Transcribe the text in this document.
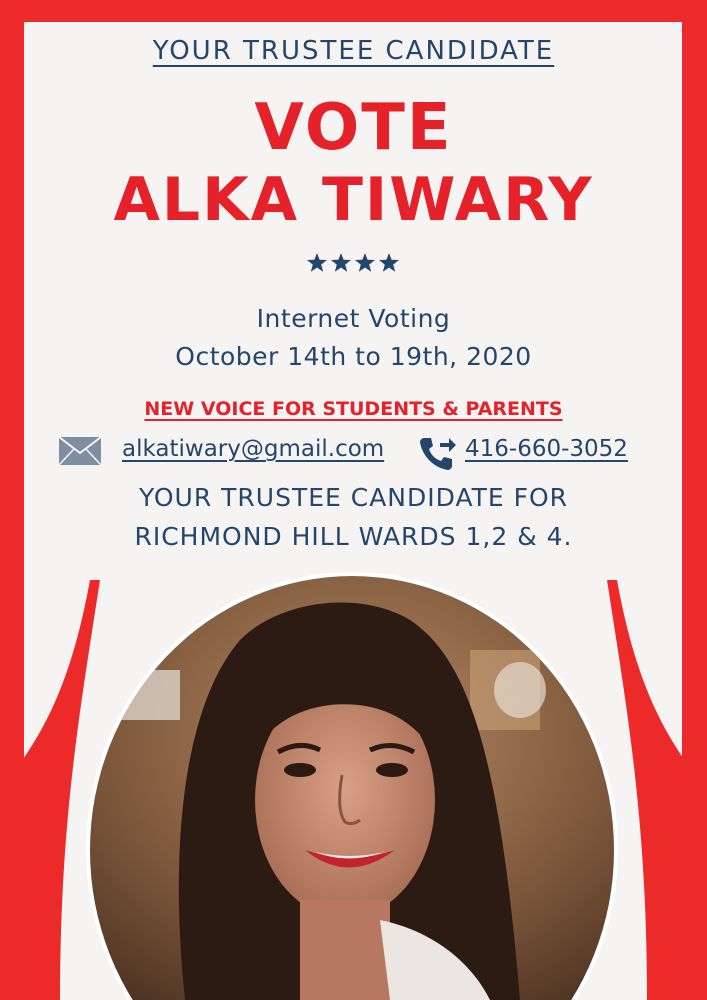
YOUR TRUSTEE CANDIDATE
VOTE
ALKA TIWARY
Internet Voting
October 14th to 19th, 2020
NEW VOICE FOR STUDENTS & PARENTS
alkatiwary@gmail.com	416-660-3052
YOUR TRUSTEE CANDIDATE FOR
RICHMOND HILL WARDS 1,2 & 4.
